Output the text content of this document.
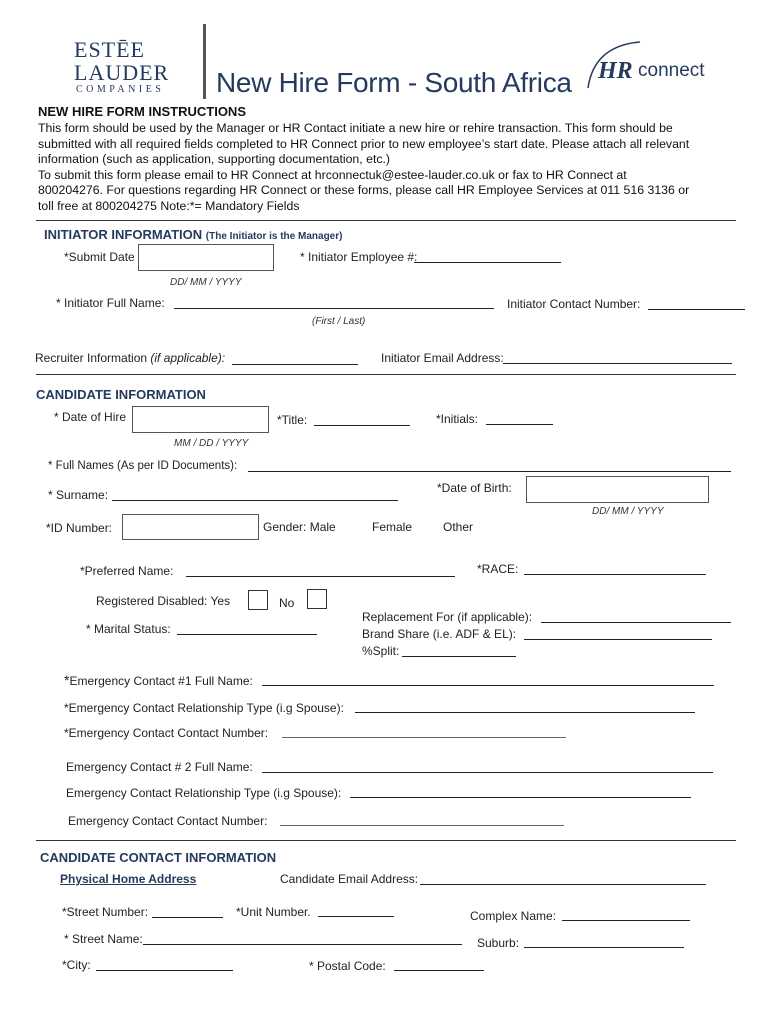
ESTĒE
LAUDER
COMPANIES New Hire Form - South Africa HR connect
NEW HIRE FORM INSTRUCTIONS
This form should be used by the Manager or HR Contact initiate a new hire or rehire transaction. This form should be
submitted with all required fields completed to HR Connect prior to new employee’s start date. Please attach all relevant
information (such as application, supporting documentation, etc.)
To submit this form please email to HR Connect at hrconnectuk@estee-lauder.co.uk or fax to HR Connect at
800204276. For questions regarding HR Connect or these forms, please call HR Employee Services at 011 516 3136 or
toll free at 800204275 Note:*= Mandatory Fields
INITIATOR INFORMATION (The Initiator is the Manager)
*Submit Date
DD/ MM / YYYY
* Initiator Employee #:
* Initiator Full Name:
(First / Last)
Initiator Contact Number:
Recruiter Information (if applicable):	Initiator Email Address:
CANDIDATE INFORMATION
* Date of Hire
MM / DD / YYYY
*Title:	*Initials:
* Full Names (As per ID Documents):
* Surname:	*Date of Birth:
DD/ MM / YYYY
*ID Number:	Gender: Male	Female	Other
*Preferred Name:	*RACE:
Registered Disabled: Yes	No
* Marital Status:
Replacement For (if applicable):
Brand Share (i.e. ADF & EL):
%Split:
*Emergency Contact #1 Full Name:
*Emergency Contact Relationship Type (i.g Spouse):
*Emergency Contact Contact Number:
Emergency Contact # 2 Full Name:
Emergency Contact Relationship Type (i.g Spouse):
Emergency Contact Contact Number:
CANDIDATE CONTACT INFORMATION
Physical Home Address	Candidate Email Address:
*Street Number:	*Unit Number.	Complex Name:
* Street Name:	Suburb:
*City:	* Postal Code:
